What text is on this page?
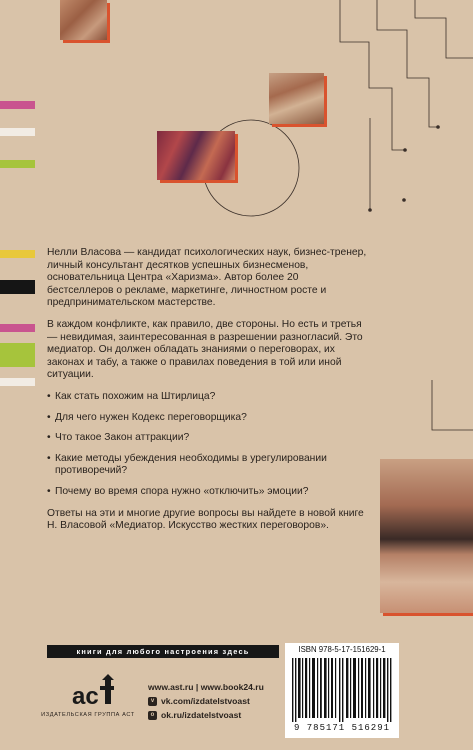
Нелли Власова — кандидат психологических наук, бизнес-тренер, личный консультант десятков успешных бизнесменов, основательница Центра «Харизма». Автор более 20 бестселлеров о рекламе, маркетинге, личностном росте и предпринимательском мастерстве.

В каждом конфликте, как правило, две стороны. Но есть и третья — невидимая, заинтересованная в разрешении разногласий. Это медиатор. Он должен обладать знаниями о переговорах, их законах и табу, а также о правилах поведения в той или иной ситуации.

• Как стать похожим на Штирлица?
• Для чего нужен Кодекс переговорщика?
• Что такое Закон аттракции?
• Какие методы убеждения необходимы в урегулировании противоречий?
• Почему во время спора нужно «отключить» эмоции?

Ответы на эти и многие другие вопросы вы найдете в новой книге Н. Власовой «Медиатор. Искусство жестких переговоров».

книги для любого настроения здесь
ac
ИЗДАТЕЛЬСКАЯ ГРУППА АСТ
www.ast.ru | www.book24.ru
v vk.com/izdatelstvoast
o ok.ru/izdatelstvoast
ISBN 978-5-17-151629-1
9 785171 516291
